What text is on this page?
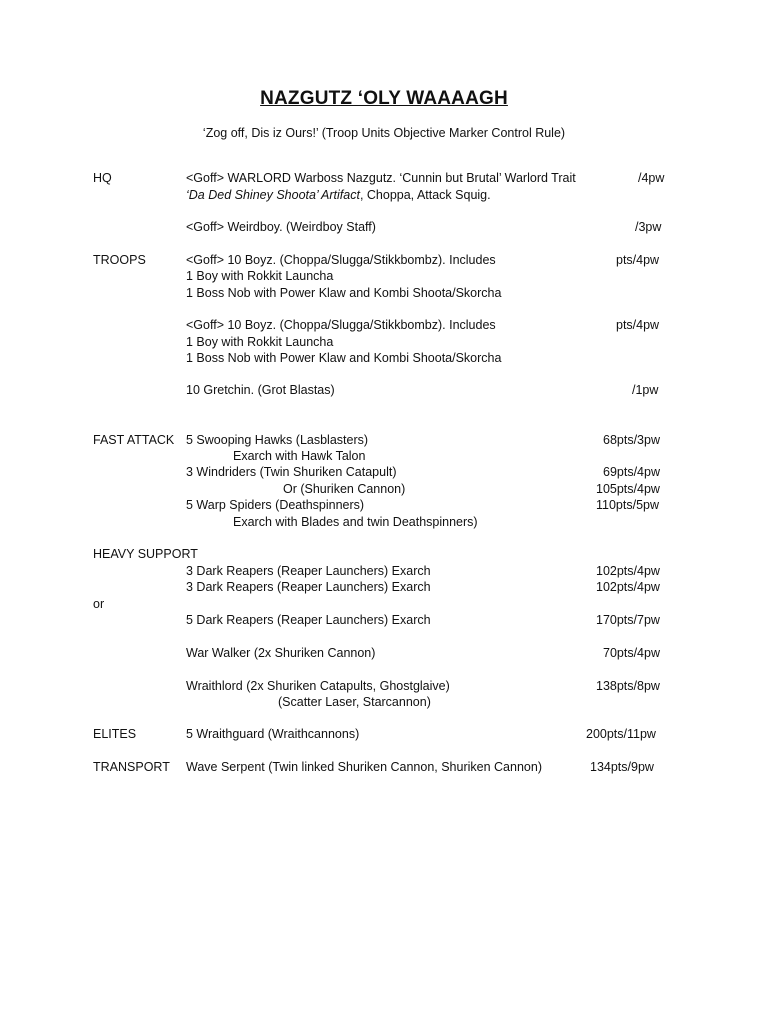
NAZGUTZ ‘OLY WAAAAGH
‘Zog off, Dis iz Ours!’ (Troop Units Objective Marker Control Rule)
HQ	<Goff> WARLORD Warboss Nazgutz. ‘Cunnin but Brutal’ Warlord Trait	/4pw
‘Da Ded Shiney Shoota’ Artifact, Choppa, Attack Squig.
<Goff> Weirdboy. (Weirdboy Staff)	/3pw
TROOPS	<Goff> 10 Boyz. (Choppa/Slugga/Stikkbombz). Includes	pts/4pw
1 Boy with Rokkit Launcha
1 Boss Nob with Power Klaw and Kombi Shoota/Skorcha
<Goff> 10 Boyz. (Choppa/Slugga/Stikkbombz). Includes	pts/4pw
1 Boy with Rokkit Launcha
1 Boss Nob with Power Klaw and Kombi Shoota/Skorcha
10 Gretchin. (Grot Blastas)	/1pw
FAST ATTACK 5 Swooping Hawks (Lasblasters)	68pts/3pw
Exarch with Hawk Talon
3 Windriders (Twin Shuriken Catapult)	69pts/4pw
Or (Shuriken Cannon)	105pts/4pw
5 Warp Spiders (Deathspinners)	110pts/5pw
Exarch with Blades and twin Deathspinners)
HEAVY SUPPORT
3 Dark Reapers (Reaper Launchers) Exarch	102pts/4pw
3 Dark Reapers (Reaper Launchers) Exarch	102pts/4pw
or
5 Dark Reapers (Reaper Launchers) Exarch	170pts/7pw
War Walker (2x Shuriken Cannon)	70pts/4pw
Wraithlord (2x Shuriken Catapults, Ghostglaive)	138pts/8pw
(Scatter Laser, Starcannon)
ELITES	5 Wraithguard (Wraithcannons)	200pts/11pw
TRANSPORT Wave Serpent (Twin linked Shuriken Cannon, Shuriken Cannon)	134pts/9pw
